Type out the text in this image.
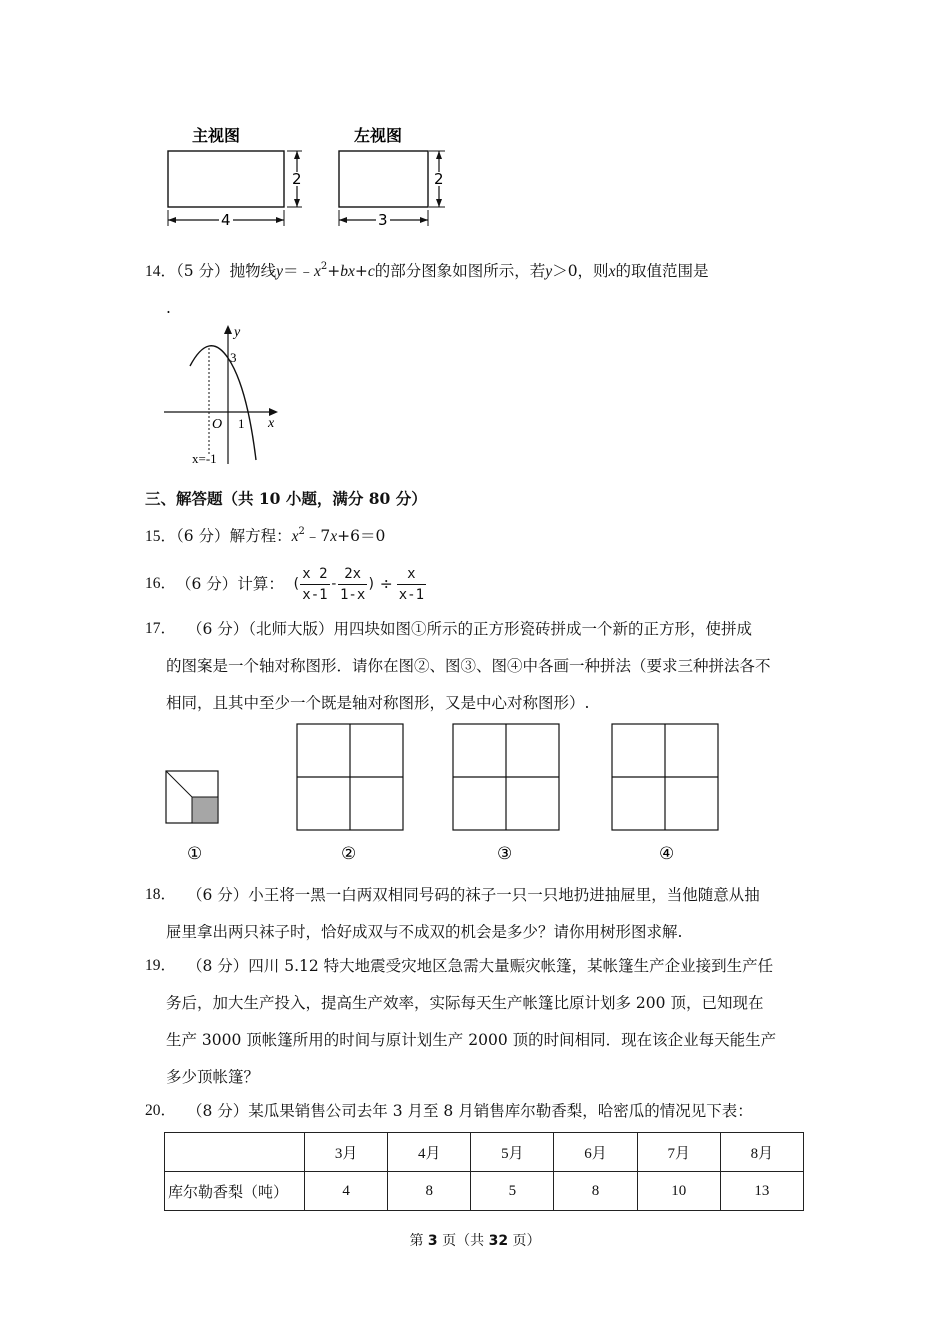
主视图
2
4
左视图
2
3
14．（5 分）抛物线$y=﹣x^2+bx+c$的部分图象如图所示，若y＞0，则x的取值范围是
.
y
x
O
3
1
x=-1
三、解答题（共 10 小题，满分 80 分）
15．（6 分）解方程：$x^2﹣7x+6=0$
16． （6 分） 计算： ( $\frac{x 2}{x-1} - \frac{2x}{1-x}$ ) ÷ $\frac{x}{x-1}$
17． （6 分）（北师大版）用四块如图①所示的正方形瓷砖拼成一个新的正方形，使拼成
的图案是一个轴对称图形．请你在图②、图③、图④中各画一种拼法（要求三种拼法各不
相同，且其中至少一个既是轴对称图形，又是中心对称图形）.
①	②	③	④
18． （6 分）小王将一黑一白两双相同号码的袜子一只一只地扔进抽屉里，当他随意从抽
屉里拿出两只袜子时，恰好成双与不成双的机会是多少？请你用树形图求解.
19． （8 分）四川 5.12 特大地震受灾地区急需大量赈灾帐篷，某帐篷生产企业接到生产任
务后，加大生产投入，提高生产效率，实际每天生产帐篷比原计划多 200 顶，已知现在
生产 3000 顶帐篷所用的时间与原计划生产 2000 顶的时间相同．现在该企业每天能生产
多少顶帐篷？
20． （8 分）某瓜果销售公司去年 3 月至 8 月销售库尔勒香梨，哈密瓜的情况见下表：
	3月	4月	5月	6月	7月	8月
库尔勒香梨（吨）	4	8	5	8	10	13
第 3 页（共 32 页）
